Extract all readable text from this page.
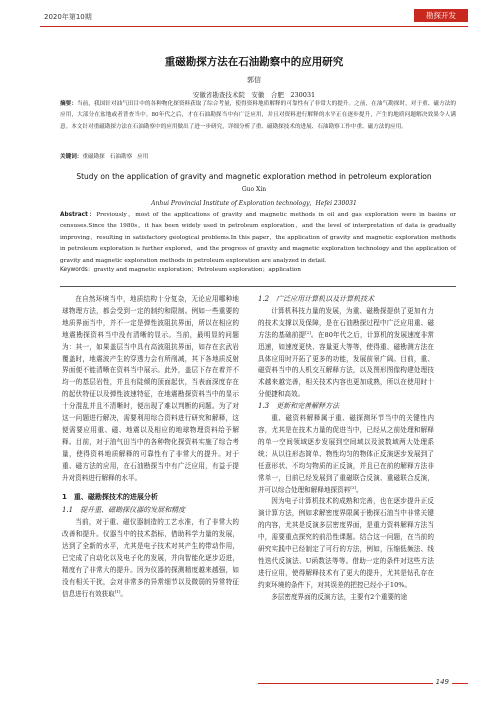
2020年第10期	勘探开发
重磁勘探方法在石油勘察中的应用研究
郭信
安徽省勘查技术院　安徽　合肥　230031
摘要：当前，我国针对油气田目中的各种物化探资料获取了综合考量，使得资料地质解释的可靠性有了非常大的提升。之前，在油气勘探时，对于重、磁方法的应用，大部分在盆地或者普查当中。80年代之后，才在石油勘探当中有广泛应用，并且对资料进行解释的水平正在逐步提升，产生的地质问题解决效果令人满意。本文针对重磁勘探方法在石油勘察中的应用做出了进一步研究，详细分析了重、磁勘探技术的进展、石油勘察工作中重、磁方法的应用。
关键词：重磁勘探 石油勘察 应用
Study on the application of gravity and magnetic exploration method in petroleum exploration
Guo Xin
Anhui Provincial Institute of Exploration technology，Hefei 230031
Abstract：Previously，most of the applications of gravity and magnetic methods in oil and gas exploration were in basins or censuses.Since the 1980s，it has been widely used in petroleum exploration，and the level of interpretation of data is gradually improving，resulting in satisfactory geological problems.In this paper，the application of gravity and magnetic exploration methods in petroleum exploration is further explored，and the progress of gravity and magnetic exploration technology and the application of gravity and magnetic exploration methods in petroleum exploration are analyzed in detail.
Keywords：gravity and magnetic exploration；Petroleum exploration；application

在自然环境当中，地质结构十分复杂，无论应用哪种地球物理方法，都会受到一定的制约和限制。例如一些重要的地质界面当中，并不一定是弹性波阻抗界面，所以在相应的地震勘探资料当中没有清晰的显示。当前，最明显的问题为：其一，如果盖层当中具有高波阻抗界面，如存在玄武岩覆盖时，地震波产生的穿透力会有所削减，其下各地质反射界面便不能清晰在资料当中展示。此外，盖层下存在着并不均一的基层岩性，并且有陡倾的顶面起伏，当表面深度存在的起伏特征以及弹性波速特征，在地震勘探资料当中的显示十分混乱并且不清晰时，便出现了难以判断的问题。为了对这一问题进行解决，需要利用综合资料进行研究和解释，这便需要应用重、磁、地震以及相应的地球物理资料给予解释。目前，对于油气田当中的各种物化探资料实施了综合考量，使得资料地质解释的可靠性有了非常大的提升。对于重、磁方法的应用，在石油勘探当中有广泛应用，有益于提升对资料进行解释的水平。

1　重、磁勘探技术的进展分析

1.1　提升重、磁勘探仪器的发展和精度

当前，对于重、磁仪器制造的工艺水准，有了非常大的改善和提升。仪器当中的技术指标，借助科学力量的发展，达到了全新的水平，尤其是电子技术对其产生的带动作用，已完成了自动化以及电子化的发展，并向智能化逐步迈进，精度有了非常大的提升。因为仪器的探测精度越来越强，如没有相关干扰，会对非常多的异常细节以及微弱的异常特征信息进行有效获取[1]。

1.2　广泛应用计算机以及计算机技术

计算机科技力量的发展，为重、磁勘探提供了更加有力的技术支撑以及保障，是在石油勘探过程中广泛应用重、磁方法的基础前提[2]。在80年代之后，计算机的发展速度非常迅速，如速度更快、容量更大等等，使得重、磁勘测方法在具体应用时开拓了更多的功能，发展前景广阔。目前，重、磁资料当中的人机交互解释方法，以及图形图像构建处理技术越来越完善，相关技术内容也更加成熟，所以在使用时十分便捷和高效。

1.3　更新和完善解释方法

重、磁资料解释属于重、磁探测环节当中的关键性内容，尤其是在技术力量的促进当中，已经从之前处理和解释的单一空间领域逐步发展到空间域以及波数域两大处理系统；从以往形态简单、物性均匀的物体正反演逐步发展到了任意形状、不均匀物质的正反演，并且已在前的解释方法非常单一，目前已经发展到了重磁联合反演、重磁联合反演，并可以综合处理和解释地探资料[3]。

因为电子计算机技术的成熟和完善，也在逐步提升正反演计算方法，例如求解密度界限属于勘探石油当中非常关键的内容，尤其是反演多层密度界面，是重力资料解释方法当中，需要重点探究的前沿性课题。结合这一问题，在当前的研究实践中已经制定了可行的方法，例如，压缩低频法、线性迭代反演法、U函数法等等。借助一定的条件对这些方法进行应用，使得解释技术有了更大的提升，尤其是钻孔存在约束环境的条件下，对其误差的把控已经小于10%。

多层密度界面的反演方法，主要有2个重要的途

149
